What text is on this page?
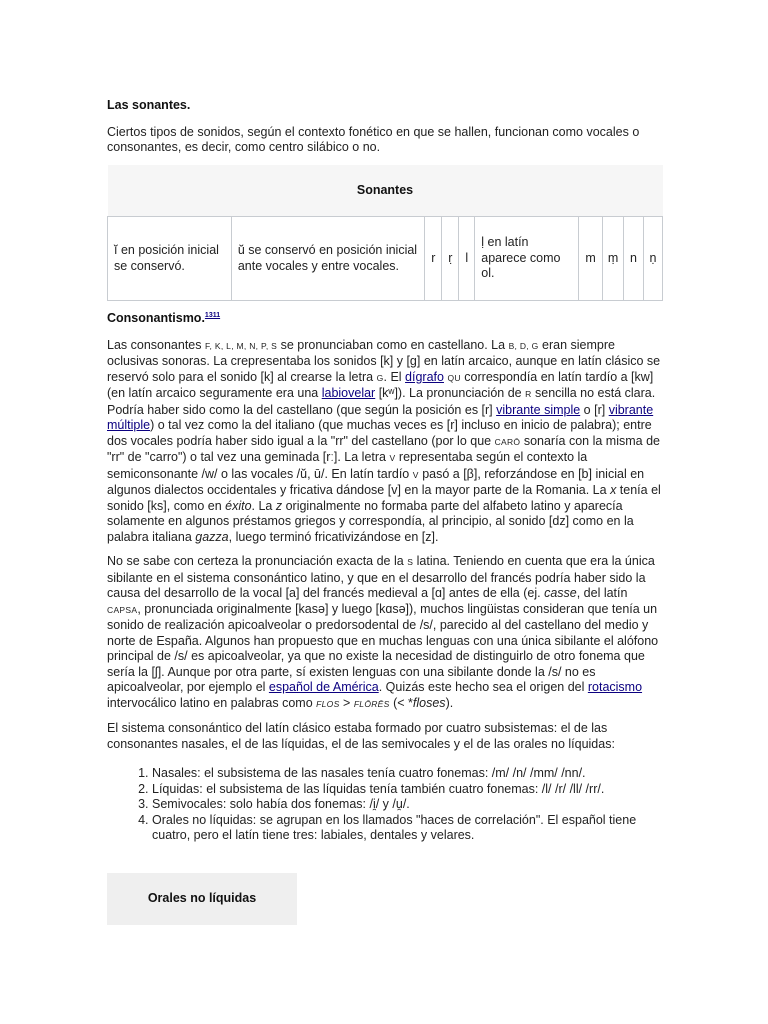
Las sonantes.

Ciertos tipos de sonidos, según el contexto fonético en que se hallen, funcionan como vocales o consonantes, es decir, como centro silábico o no.

Sonantes
ĭ en posición inicial se conservó.	ŭ se conservó en posición inicial ante vocales y entre vocales.	r	ṛ	l	ḷ en latín aparece como ol.	m	ṃ	n	ṇ
Consonantismo.$^{1311}$

Las consonantes F, K, L, M, N, P, S se pronunciaban como en castellano. La B, D, G eran siempre oclusivas sonoras. La crepresentaba los sonidos [k] y [g] en latín arcaico, aunque en latín clásico se reservó solo para el sonido [k] al crearse la letra G. El dígrafo QU correspondía en latín tardío a [kw] (en latín arcaico seguramente era una labiovelar [kʷ]). La pronunciación de R sencilla no está clara. Podría haber sido como la del castellano (que según la posición es [r] vibrante simple o [r] vibrante múltiple) o tal vez como la del italiano (que muchas veces es [r] incluso en inicio de palabra); entre dos vocales podría haber sido igual a la "rr" del castellano (por lo que CARŌ sonaría con la misma de "rr" de "carro") o tal vez una geminada [rː]. La letra V representaba según el contexto la semiconsonante /w/ o las vocales /ŭ, ū/. En latín tardío V pasó a [β], reforzándose en [b] inicial en algunos dialectos occidentales y fricativa dándose [v] en la mayor parte de la Romania. La x tenía el sonido [ks], como en éxito. La z originalmente no formaba parte del alfabeto latino y aparecía solamente en algunos préstamos griegos y correspondía, al principio, al sonido [dz] como en la palabra italiana gazza, luego terminó fricativizándose en [z].

No se sabe con certeza la pronunciación exacta de la S latina. Teniendo en cuenta que era la única sibilante en el sistema consonántico latino, y que en el desarrollo del francés podría haber sido la causa del desarrollo de la vocal [a] del francés medieval a [ɑ] antes de ella (ej. casse, del latín CAPSA, pronunciada originalmente [kasə] y luego [kɑsə]), muchos lingüistas consideran que tenía un sonido de realización apicoalveolar o predorsodental de /s/, parecido al del castellano del medio y norte de España. Algunos han propuesto que en muchas lenguas con una única sibilante el alófono principal de /s/ es apicoalveolar, ya que no existe la necesidad de distinguirlo de otro fonema que sería la [ʃ]. Aunque por otra parte, sí existen lenguas con una sibilante donde la /s/ no es apicoalveolar, por ejemplo el español de América. Quizás este hecho sea el origen del rotacismo intervocálico latino en palabras como FLOS > FLŌRĒS (< *floses).

El sistema consonántico del latín clásico estaba formado por cuatro subsistemas: el de las consonantes nasales, el de las líquidas, el de las semivocales y el de las orales no líquidas:

1. Nasales: el subsistema de las nasales tenía cuatro fonemas: /m/ /n/ /mm/ /nn/.
2. Líquidas: el subsistema de las líquidas tenía también cuatro fonemas: /l/ /r/ /ll/ /rr/.
3. Semivocales: solo había dos fonemas: /i̯/ y /u̯/.
4. Orales no líquidas: se agrupan en los llamados "haces de correlación". El español tiene cuatro, pero el latín tiene tres: labiales, dentales y velares.
Orales no líquidas
